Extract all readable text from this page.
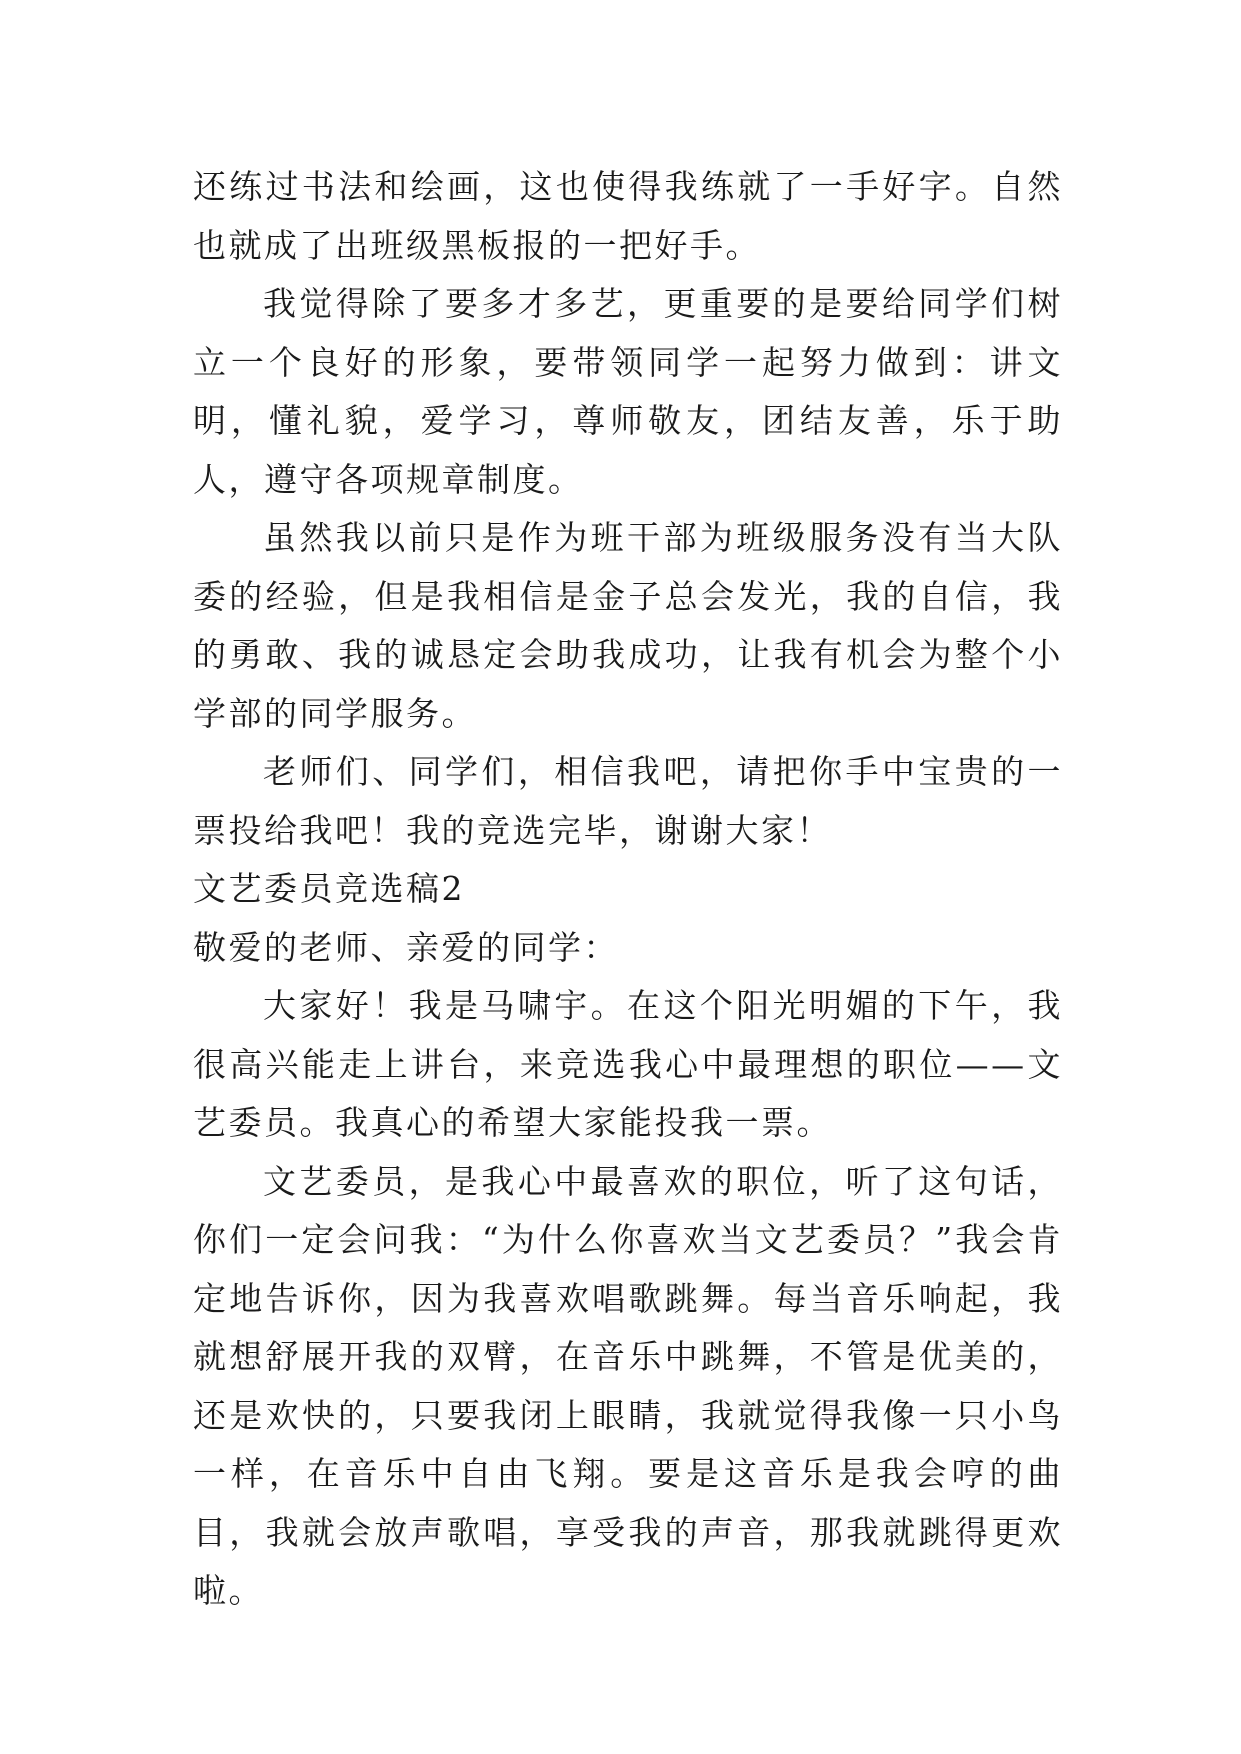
还练过书法和绘画，这也使得我练就了一手好字。自然也就成了出班级黑板报的一把好手。

我觉得除了要多才多艺，更重要的是要给同学们树立一个良好的形象，要带领同学一起努力做到：讲文明，懂礼貌，爱学习，尊师敬友，团结友善，乐于助人，遵守各项规章制度。

虽然我以前只是作为班干部为班级服务没有当大队委的经验，但是我相信是金子总会发光，我的自信，我的勇敢、我的诚恳定会助我成功，让我有机会为整个小学部的同学服务。

老师们、同学们，相信我吧，请把你手中宝贵的一票投给我吧！我的竞选完毕，谢谢大家！

文艺委员竞选稿2

敬爱的老师、亲爱的同学：

大家好！我是马啸宇。在这个阳光明媚的下午，我很高兴能走上讲台，来竞选我心中最理想的职位——文艺委员。我真心的希望大家能投我一票。

文艺委员，是我心中最喜欢的职位，听了这句话，你们一定会问我：“为什么你喜欢当文艺委员？”我会肯定地告诉你，因为我喜欢唱歌跳舞。每当音乐响起，我就想舒展开我的双臂，在音乐中跳舞，不管是优美的，还是欢快的，只要我闭上眼睛，我就觉得我像一只小鸟一样，在音乐中自由飞翔。要是这音乐是我会哼的曲目，我就会放声歌唱，享受我的声音，那我就跳得更欢啦。
